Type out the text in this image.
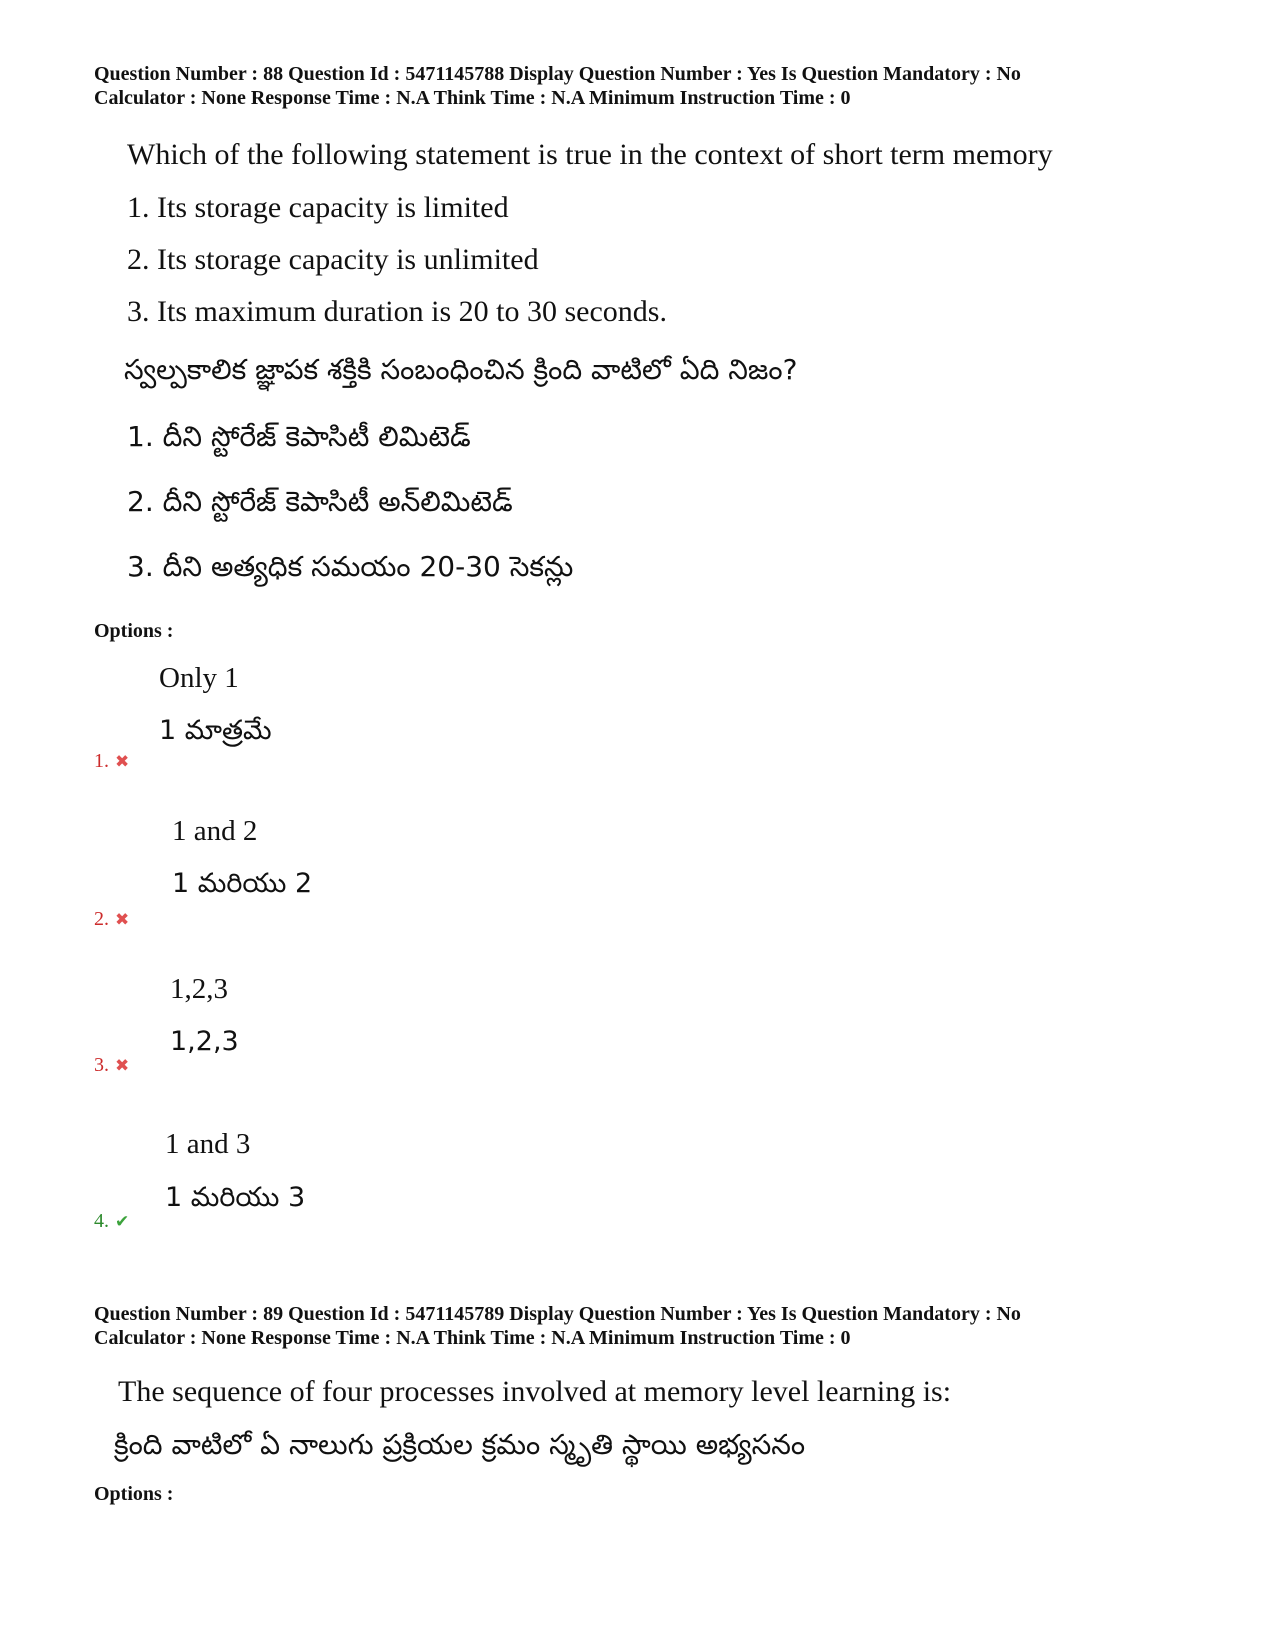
Question Number : 88 Question Id : 5471145788 Display Question Number : Yes Is Question Mandatory : No
Calculator : None Response Time : N.A Think Time : N.A Minimum Instruction Time : 0
Which of the following statement is true in the context of short term memory
1. Its storage capacity is limited
2. Its storage capacity is unlimited
3. Its maximum duration is 20 to 30 seconds.
స్వల్పకాలిక జ్ఞాపక శక్తికి సంబంధించిన క్రింది వాటిలో ఏది నిజం?
1. దీని స్టోరేజ్ కెపాసిటీ లిమిటెడ్
2. దీని స్టోరేజ్ కెపాసిటీ అన్‌లిమిటెడ్
3. దీని అత్యధిక సమయం 20-30 సెకన్లు
Options :
Only 1
1 మాత్రమే
1. ✖
1 and 2
1 మరియు 2
2. ✖
1,2,3
1,2,3
3. ✖
1 and 3
1 మరియు 3
4. ✔
Question Number : 89 Question Id : 5471145789 Display Question Number : Yes Is Question Mandatory : No
Calculator : None Response Time : N.A Think Time : N.A Minimum Instruction Time : 0
The sequence of four processes involved at memory level learning is:
క్రింది వాటిలో ఏ నాలుగు ప్రక్రియల క్రమం స్మృతి స్థాయి అభ్యసనం
Options :
